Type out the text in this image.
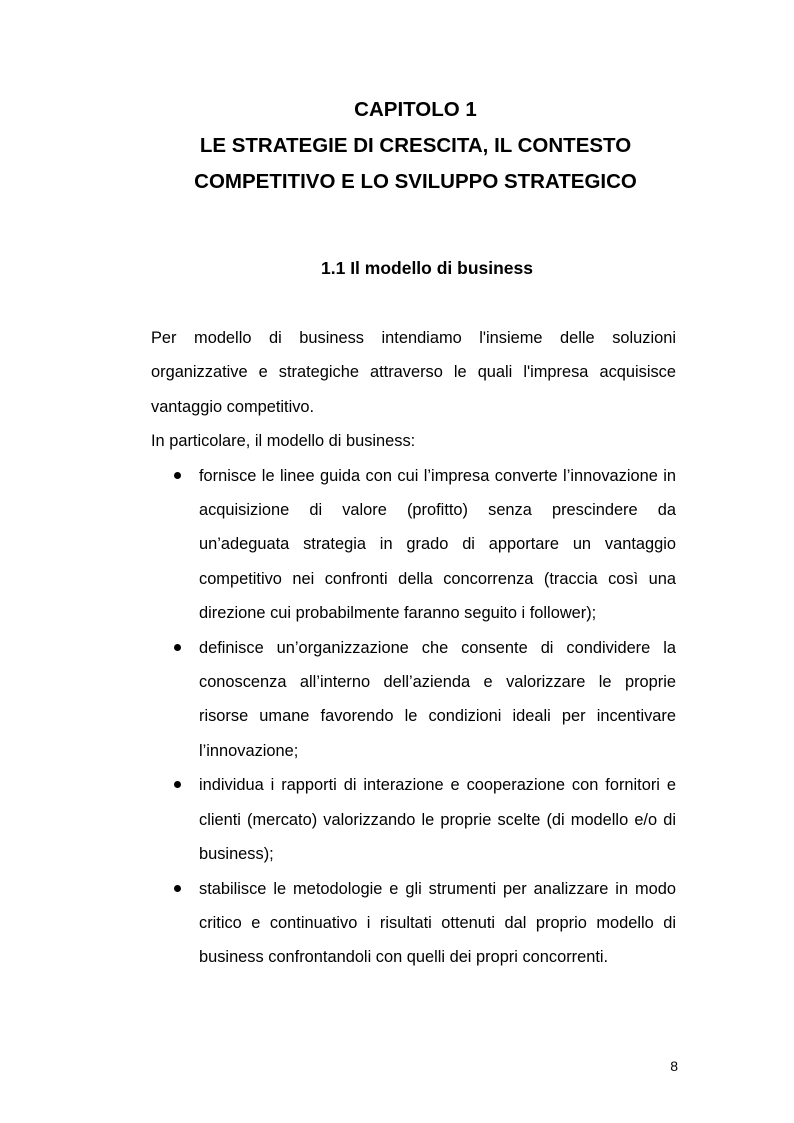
CAPITOLO 1
LE STRATEGIE DI CRESCITA, IL CONTESTO
COMPETITIVO E LO SVILUPPO STRATEGICO
1.1 Il modello di business

Per modello di business intendiamo l'insieme delle soluzioni organizzative e strategiche attraverso le quali l'impresa acquisisce vantaggio competitivo.

In particolare, il modello di business:

fornisce le linee guida con cui l’impresa converte l’innovazione in acquisizione di valore (profitto) senza prescindere da un’adeguata strategia in grado di apportare un vantaggio competitivo nei confronti della concorrenza (traccia così una direzione cui probabilmente faranno seguito i follower);
definisce un’organizzazione che consente di condividere la conoscenza all’interno dell’azienda e valorizzare le proprie risorse umane favorendo le condizioni ideali per incentivare l’innovazione;
individua i rapporti di interazione e cooperazione con fornitori e clienti (mercato) valorizzando le proprie scelte (di modello e/o di business);
stabilisce le metodologie e gli strumenti per analizzare in modo critico e continuativo i risultati ottenuti dal proprio modello di business confrontandoli con quelli dei propri concorrenti.
8
